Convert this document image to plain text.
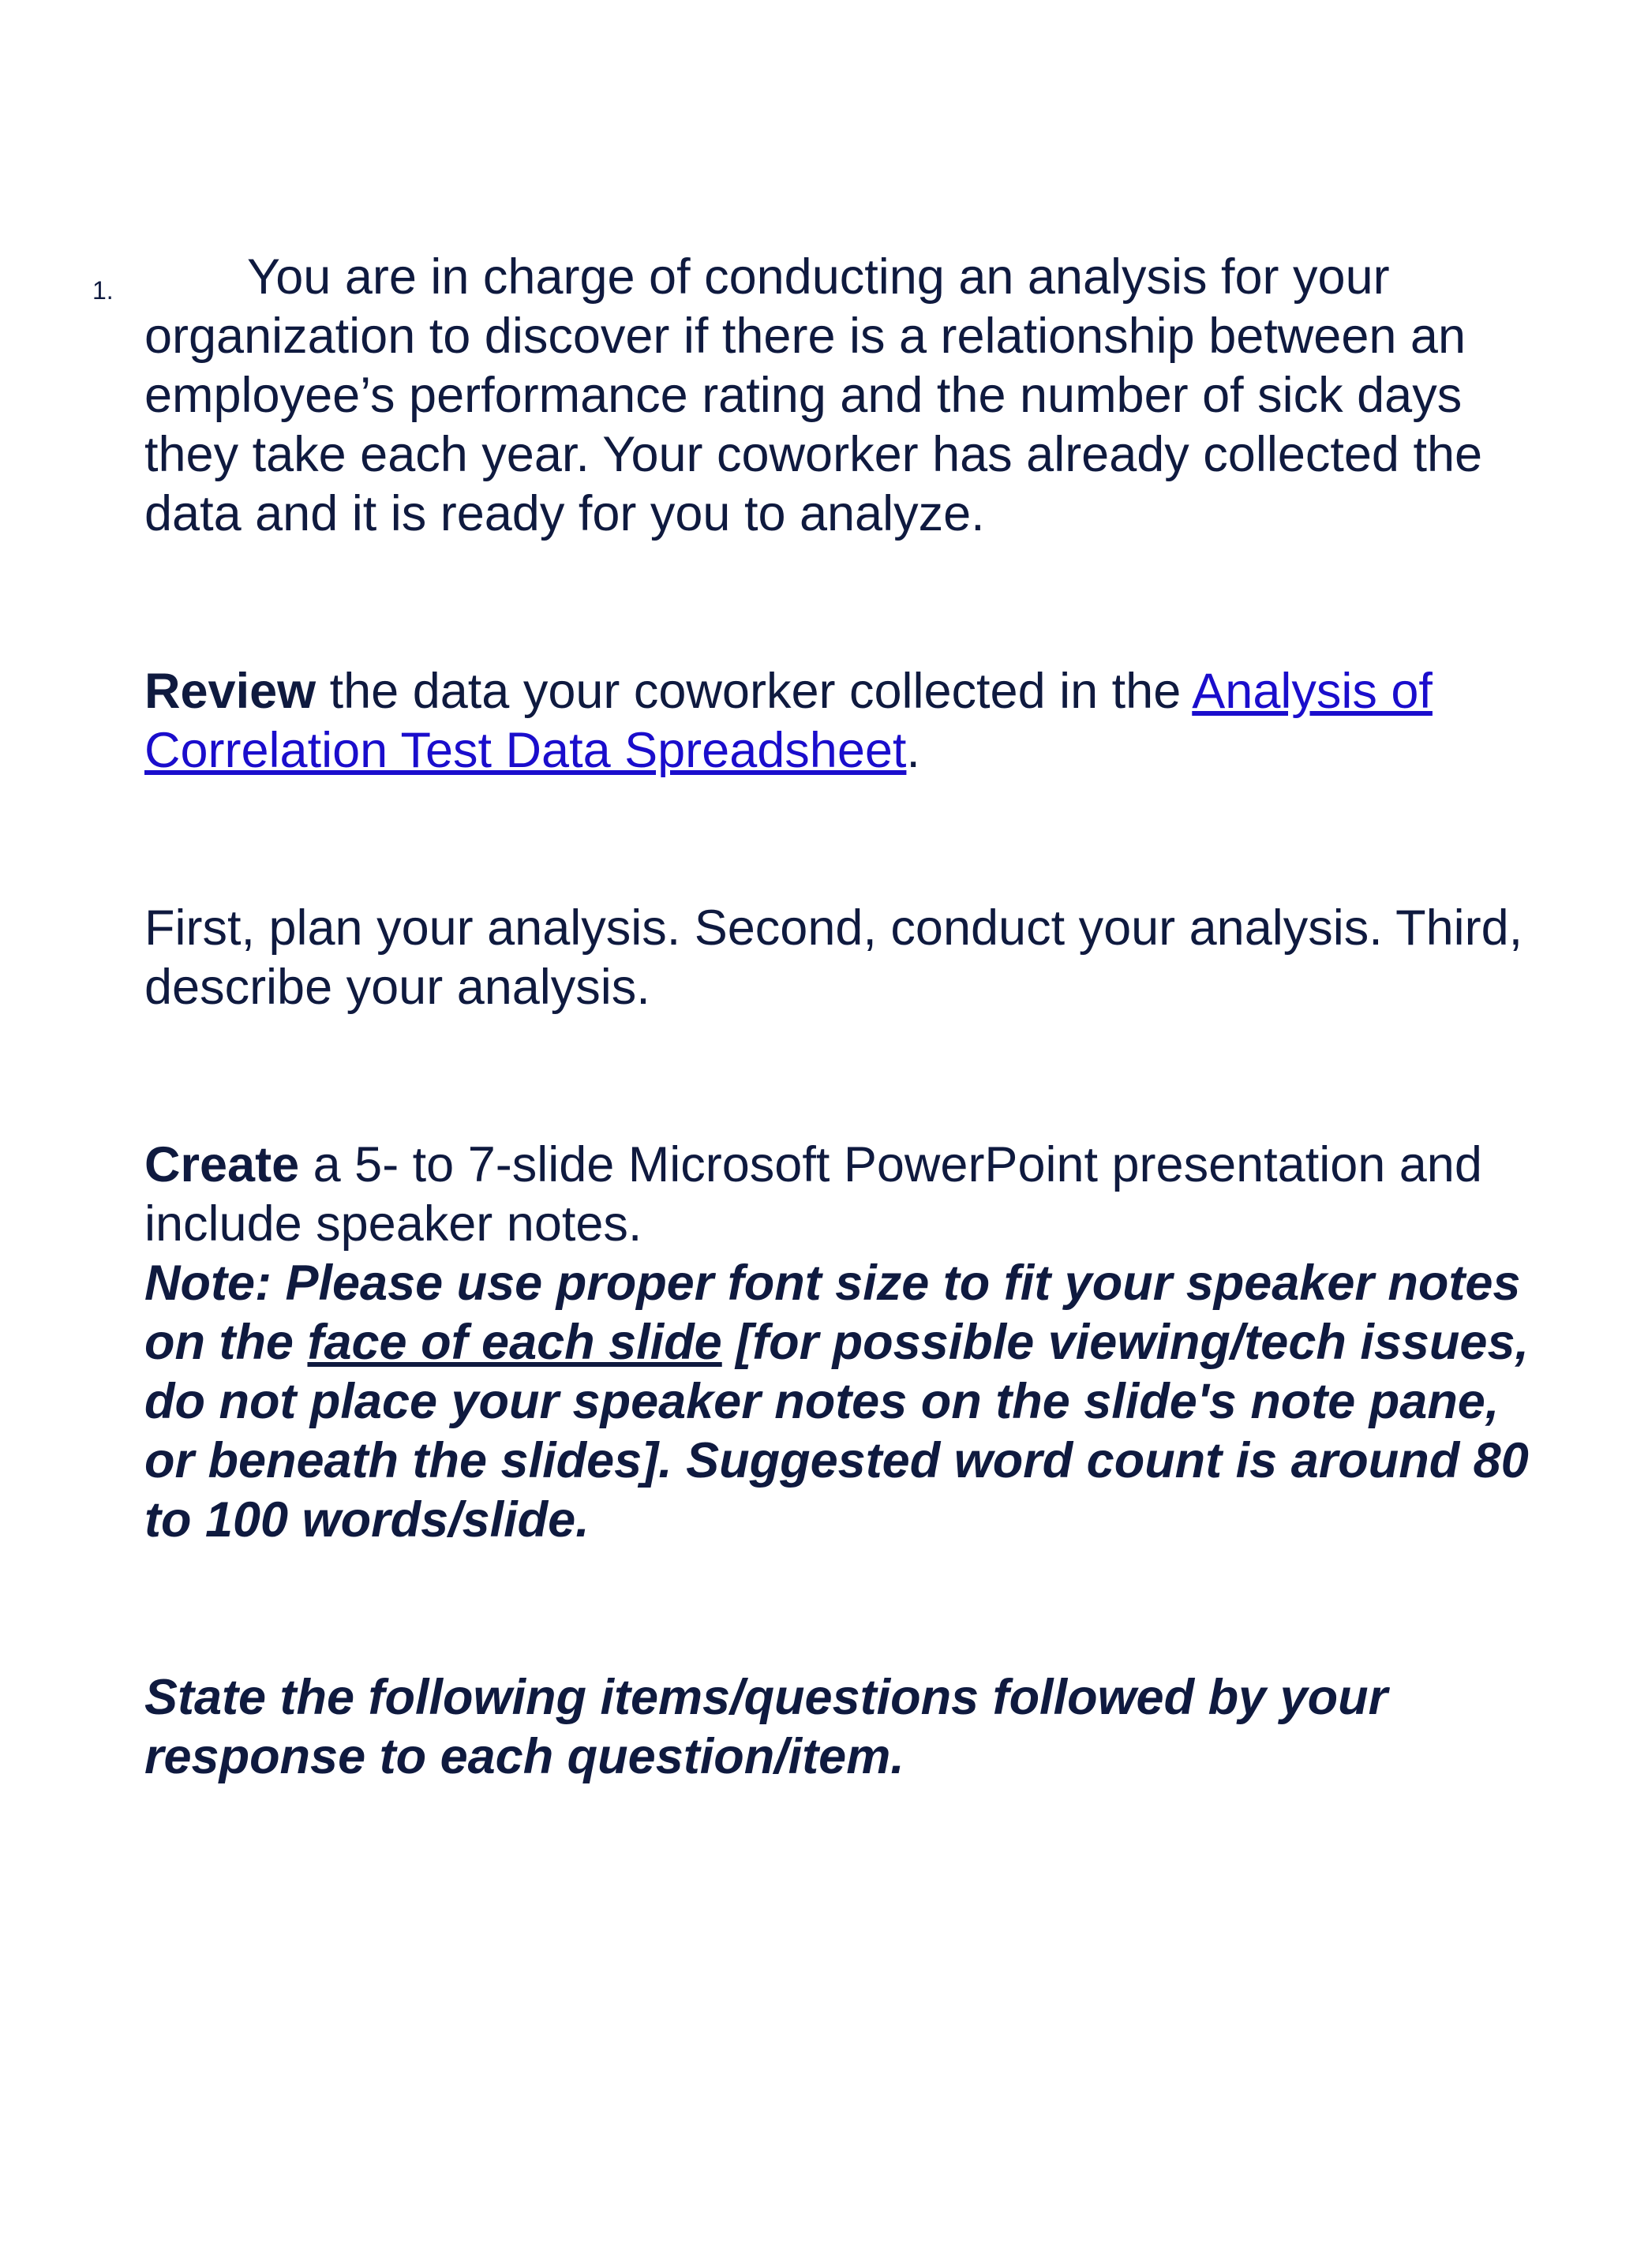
1.	You are in charge of conducting an analysis for your organization to discover if there is a relationship between an employee’s performance rating and the number of sick days they take each year. Your coworker has already collected the data and it is ready for you to analyze.

Review the data your coworker collected in the Analysis of Correlation Test Data Spreadsheet.

First, plan your analysis. Second, conduct your analysis. Third, describe your analysis.

Create a 5- to 7-slide Microsoft PowerPoint presentation and include speaker notes.

Note: Please use proper font size to fit your speaker notes on the face of each slide [for possible viewing/tech issues, do not place your speaker notes on the slide's note pane, or beneath the slides]. Suggested word count is around 80 to 100 words/slide.

State the following items/questions followed by your response to each question/item.
